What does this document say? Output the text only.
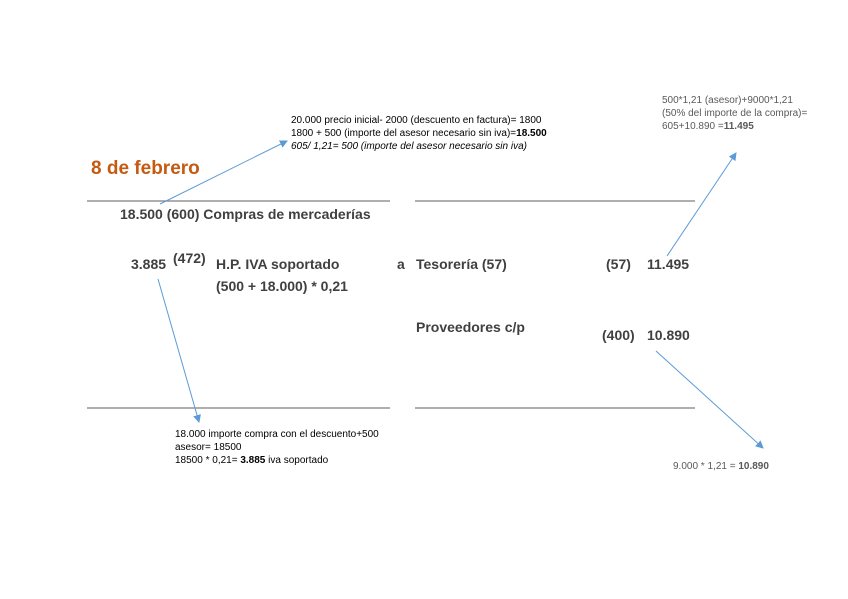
8 de febrero
18.500 (600) Compras de mercaderías
3.885 (472) H.P. IVA soportado
(500 + 18.000) * 0,21
a Tesorería (57)	(57) 11.495
Proveedores c/p	(400) 10.890
20.000 precio inicial- 2000 (descuento en factura)= 1800
1800 + 500 (importe del asesor necesario sin iva)=18.500
605/ 1,21= 500 (importe del asesor necesario sin iva)
500*1,21 (asesor)+9000*1,21
(50% del importe de la compra)=
605+10.890 =11.495
18.000 importe compra con el descuento+500
asesor= 18500
18500 * 0,21= 3.885 iva soportado
9.000 * 1,21 = 10.890
